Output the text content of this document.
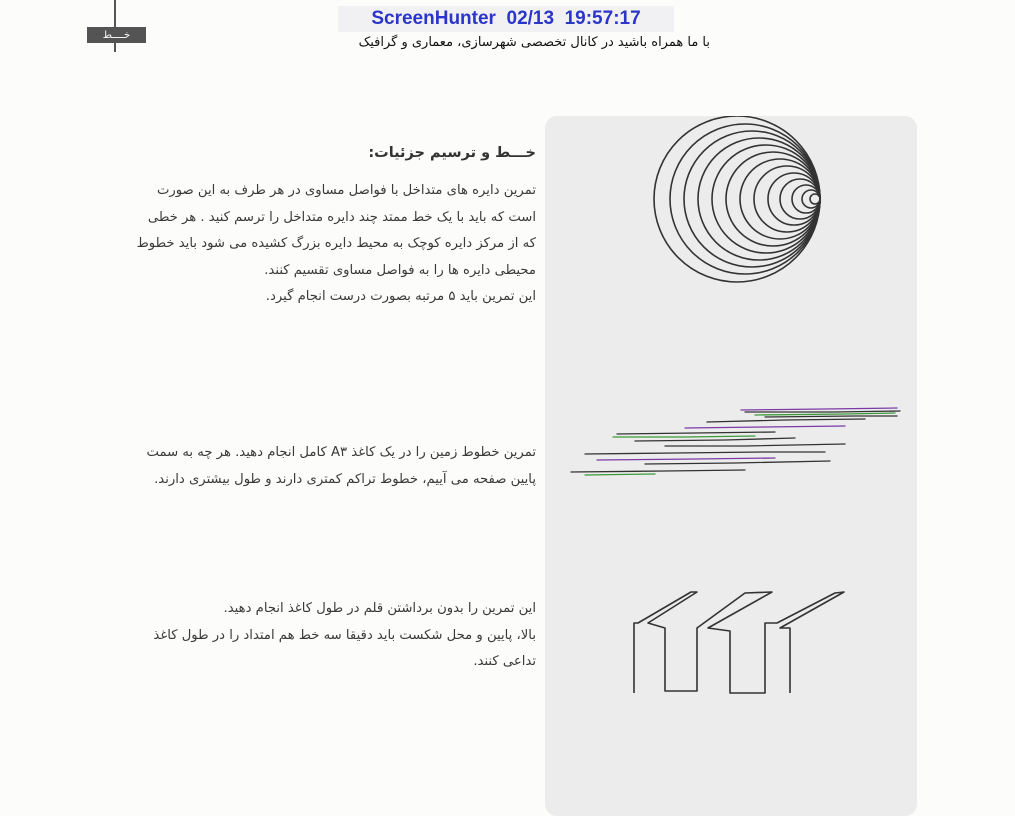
ScreenHunter  02/13  19:57:17
با ما همراه باشید در کانال تخصصی شهرسازی، معماری و گرافیک
خــــط
خـــط و ترسیم جزئیات:
تمرین دایره های متداخل با فواصل مساوی در هر طرف به این صورت
است که باید با یک خط ممتد چند دایره متداخل را ترسم کنید . هر خطی
که از مرکز دایره کوچک به محیط دایره بزرگ کشیده می شود باید خطوط
محیطی دایره ها را به فواصل مساوی تقسیم کنند.
این تمرین باید ۵ مرتبه بصورت درست انجام گیرد.
تمرین خطوط زمین را در یک کاغذ A۳ کامل انجام دهید. هر چه به سمت
پایین صفحه می آییم، خطوط تراکم کمتری دارند و طول بیشتری دارند.
این تمرین را بدون برداشتن قلم در طول کاغذ انجام دهید.
بالا، پایین و محل شکست باید دقیقا سه خط هم امتداد را در طول کاغذ
تداعی کنند.
